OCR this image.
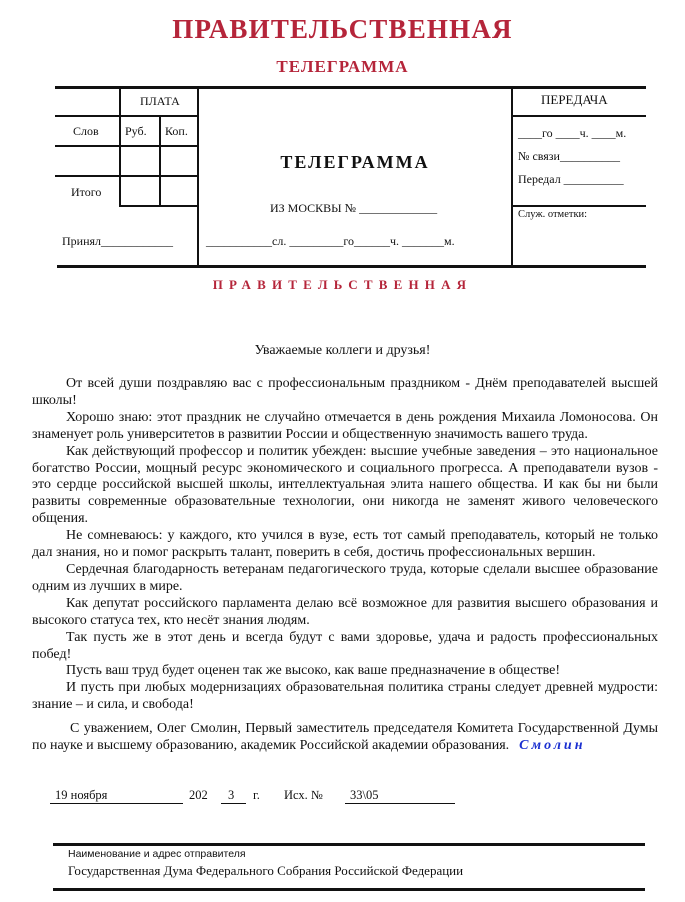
ПРАВИТЕЛЬСТВЕННАЯ
ТЕЛЕГРАММА
ПЛАТА
Слов Руб. Коп.
Итого
Принял____________
ТЕЛЕГРАММА
ИЗ МОСКВЫ № _____________
___________сл. _________го______ч. _______м.
ПЕРЕДАЧА
____го ____ч. ____м.
№ связи__________
Передал __________
Служ. отметки:
ПРАВИТЕЛЬСТВЕННАЯ
Уважаемые коллеги и друзья!

От всей души поздравляю вас с профессиональным праздником - Днём преподавателей высшей школы!

Хорошо знаю: этот праздник не случайно отмечается в день рождения Михаила Ломоносова. Он знаменует роль университетов в развитии России и общественную значимость вашего труда.

Как действующий профессор и политик убежден: высшие учебные заведения – это национальное богатство России, мощный ресурс экономического и социального прогресса. А преподаватели вузов - это сердце российской высшей школы, интеллектуальная элита нашего общества. И как бы ни были развиты современные образовательные технологии, они никогда не заменят живого человеческого общения.

Не сомневаюсь: у каждого, кто учился в вузе, есть тот самый преподаватель, который не только дал знания, но и помог раскрыть талант, поверить в себя, достичь профессиональных вершин.

Сердечная благодарность ветеранам педагогического труда, которые сделали высшее образование одним из лучших в мире.

Как депутат российского парламента делаю всё возможное для развития высшего образования и высокого статуса тех, кто несёт знания людям.

Так пусть же в этот день и всегда будут с вами здоровье, удача и радость профессиональных побед!

Пусть ваш труд будет оценен так же высоко, как ваше предназначение в обществе!

И пусть при любых модернизациях образовательная политика страны следует древней мудрости: знание – и сила, и свобода!

С уважением, Олег Смолин, Первый заместитель председателя Комитета Государственной Думы по науке и высшему образованию, академик Российской академии образования. Смолин

19 ноября	202	3	г. Исх. №	33\05
Наименование и адрес отправителя
Государственная Дума Федерального Собрания Российской Федерации
